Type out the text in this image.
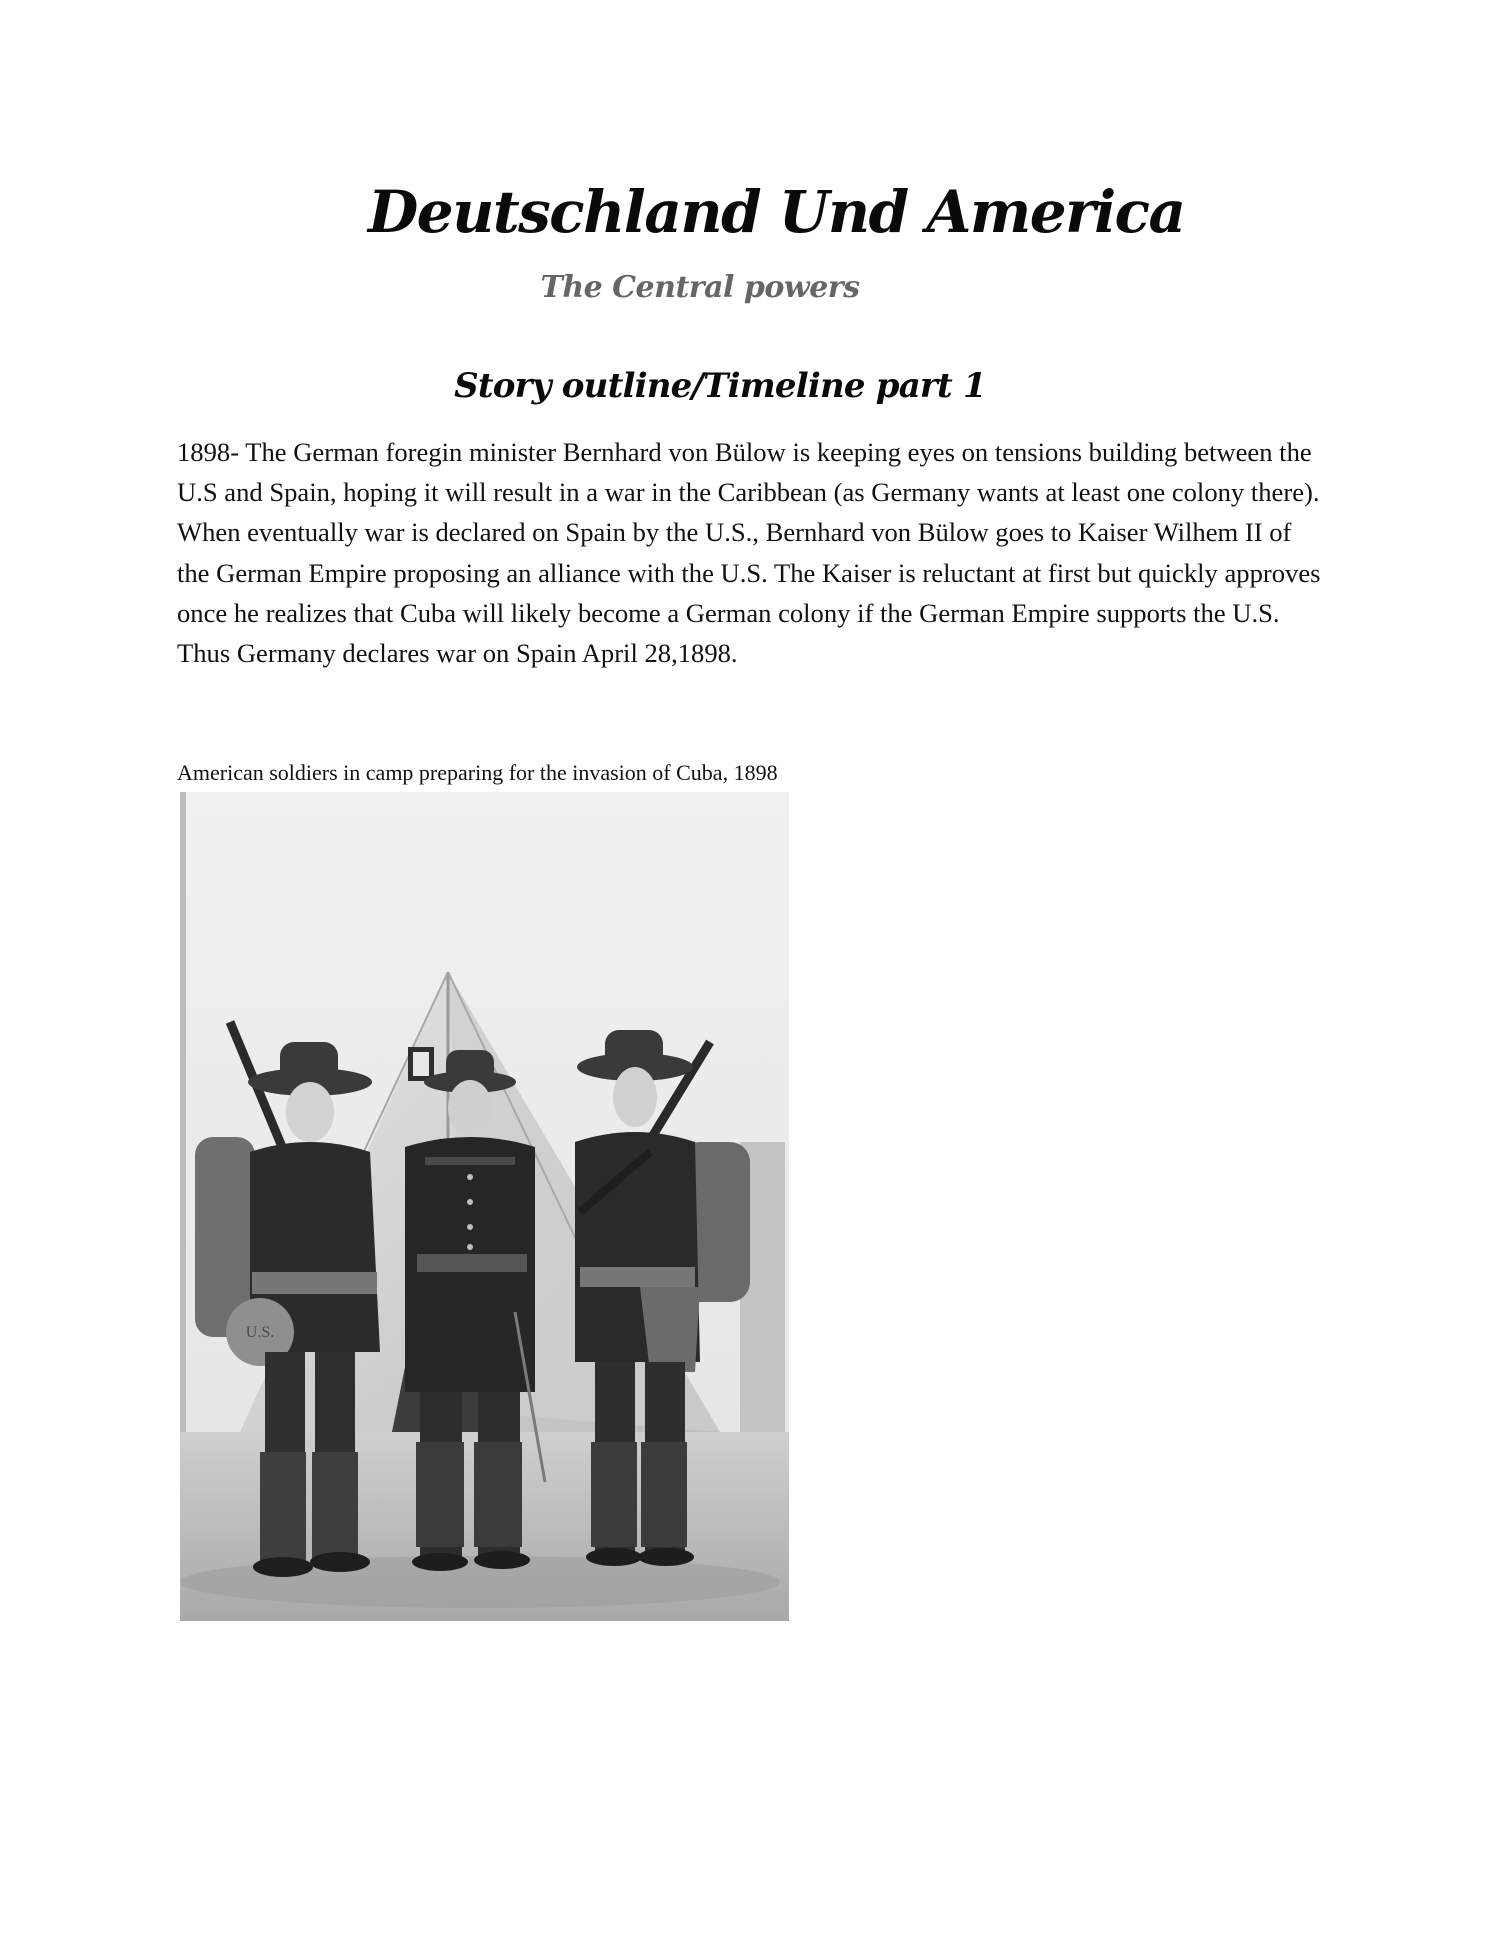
Deutschland Und America
The Central powers
Story outline/Timeline part 1

1898- The German foregin minister Bernhard von Bülow is keeping eyes on tensions building between the U.S and Spain, hoping it will result in a war in the Caribbean (as Germany wants at least one colony there). When eventually war is declared on Spain by the U.S., Bernhard von Bülow goes to Kaiser Wilhem II of the German Empire proposing an alliance with the U.S. The Kaiser is reluctant at first but quickly approves once he realizes that Cuba will likely become a German colony if the German Empire supports the U.S. Thus Germany declares war on Spain April 28,1898.

American soldiers in camp preparing for the invasion of Cuba, 1898

U.S.
